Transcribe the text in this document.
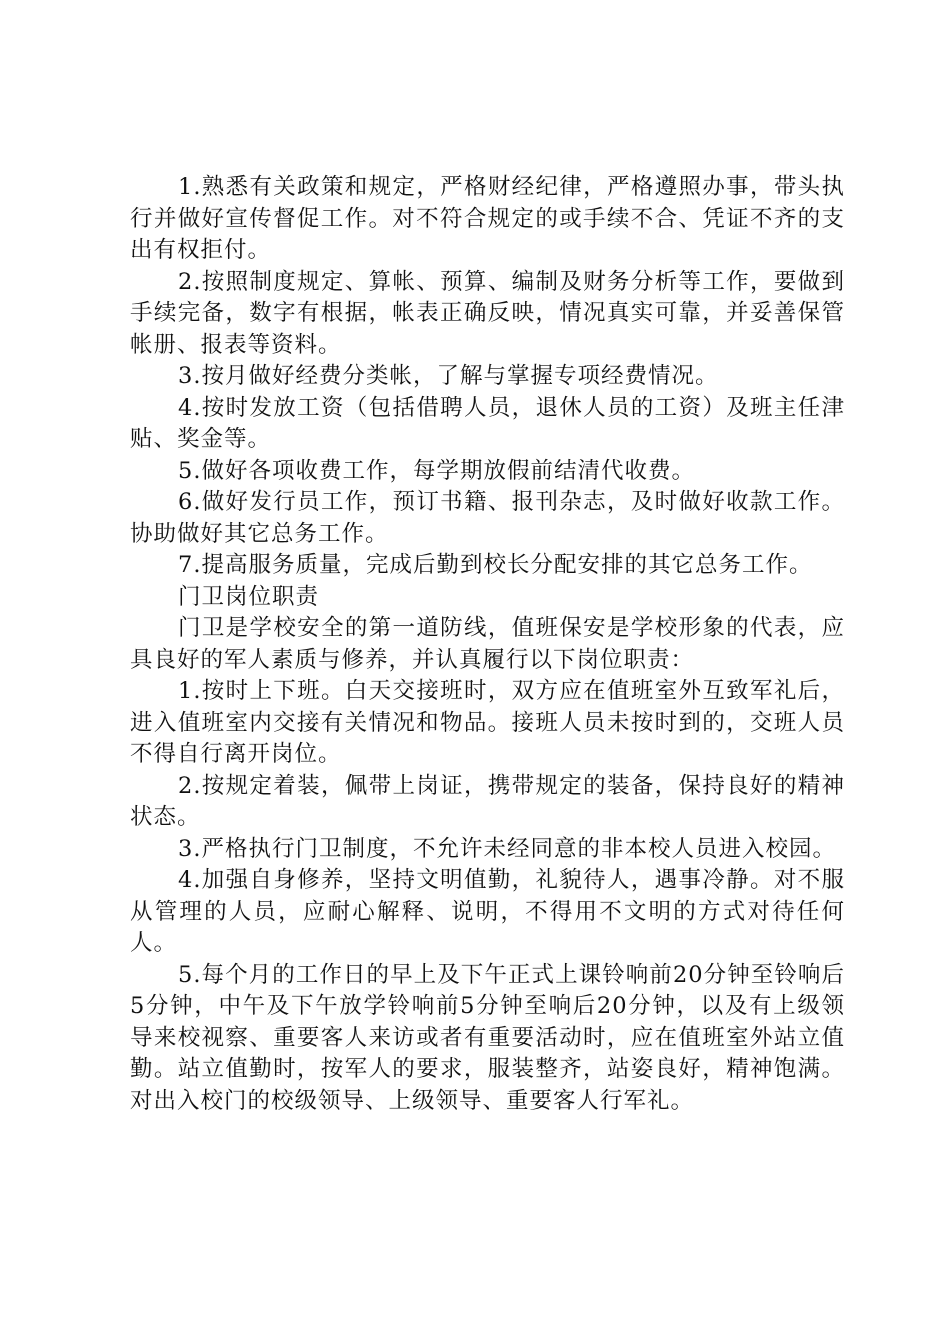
1.熟悉有关政策和规定，严格财经纪律，严格遵照办事，带头执行并做好宣传督促工作。对不符合规定的或手续不合、凭证不齐的支出有权拒付。

2.按照制度规定、算帐、预算、编制及财务分析等工作，要做到手续完备，数字有根据，帐表正确反映，情况真实可靠，并妥善保管帐册、报表等资料。

3.按月做好经费分类帐，了解与掌握专项经费情况。

4.按时发放工资（包括借聘人员，退休人员的工资）及班主任津贴、奖金等。

5.做好各项收费工作，每学期放假前结清代收费。

6.做好发行员工作，预订书籍、报刊杂志，及时做好收款工作。协助做好其它总务工作。

7.提高服务质量，完成后勤到校长分配安排的其它总务工作。

门卫岗位职责

门卫是学校安全的第一道防线，值班保安是学校形象的代表，应具良好的军人素质与修养，并认真履行以下岗位职责：

1.按时上下班。白天交接班时，双方应在值班室外互致军礼后，进入值班室内交接有关情况和物品。接班人员未按时到的，交班人员不得自行离开岗位。

2.按规定着装，佩带上岗证，携带规定的装备，保持良好的精神状态。

3.严格执行门卫制度，不允许未经同意的非本校人员进入校园。

4.加强自身修养，坚持文明值勤，礼貌待人，遇事冷静。对不服从管理的人员，应耐心解释、说明，不得用不文明的方式对待任何人。

5.每个月的工作日的早上及下午正式上课铃响前20分钟至铃响后5分钟，中午及下午放学铃响前5分钟至响后20分钟，以及有上级领导来校视察、重要客人来访或者有重要活动时，应在值班室外站立值勤。站立值勤时，按军人的要求，服装整齐，站姿良好，精神饱满。对出入校门的校级领导、上级领导、重要客人行军礼。
